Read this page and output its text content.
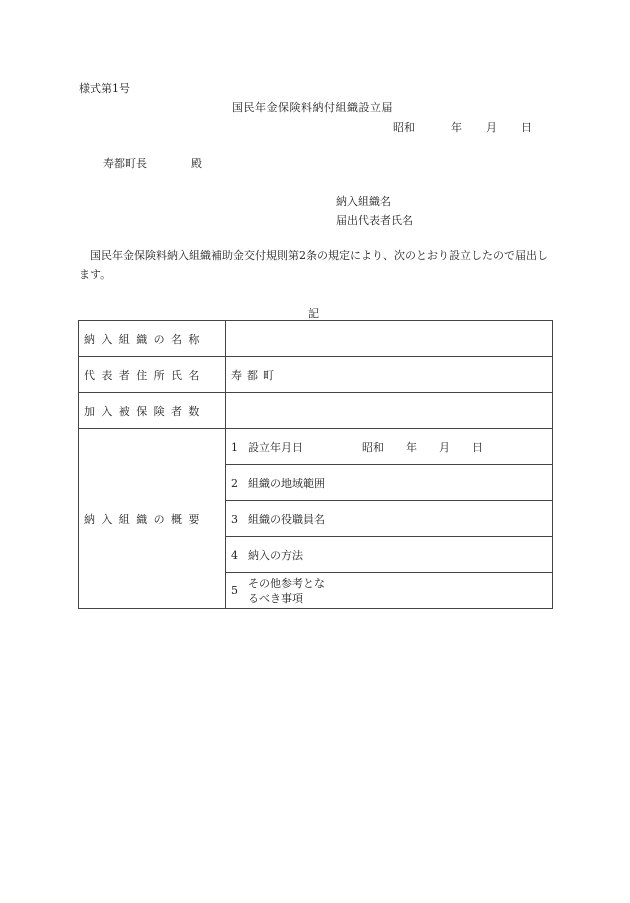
様式第1号
国民年金保険料納付組織設立届
昭和	年 月 日
寿都町長	殿
納入組織名
届出代表者氏名
国民年金保険料納入組織補助金交付規則第2条の規定により、次のとおり設立したので届出します。
記
納入組織の名称	
代表者住所氏名	寿都町
加入被保険者数	
納入組織の概要	1 設立年月日 昭和 年 月 日
	2 組織の地域範囲
	3 組織の役職員名
	4 納入の方法
	5その他参考とな
るべき事項
